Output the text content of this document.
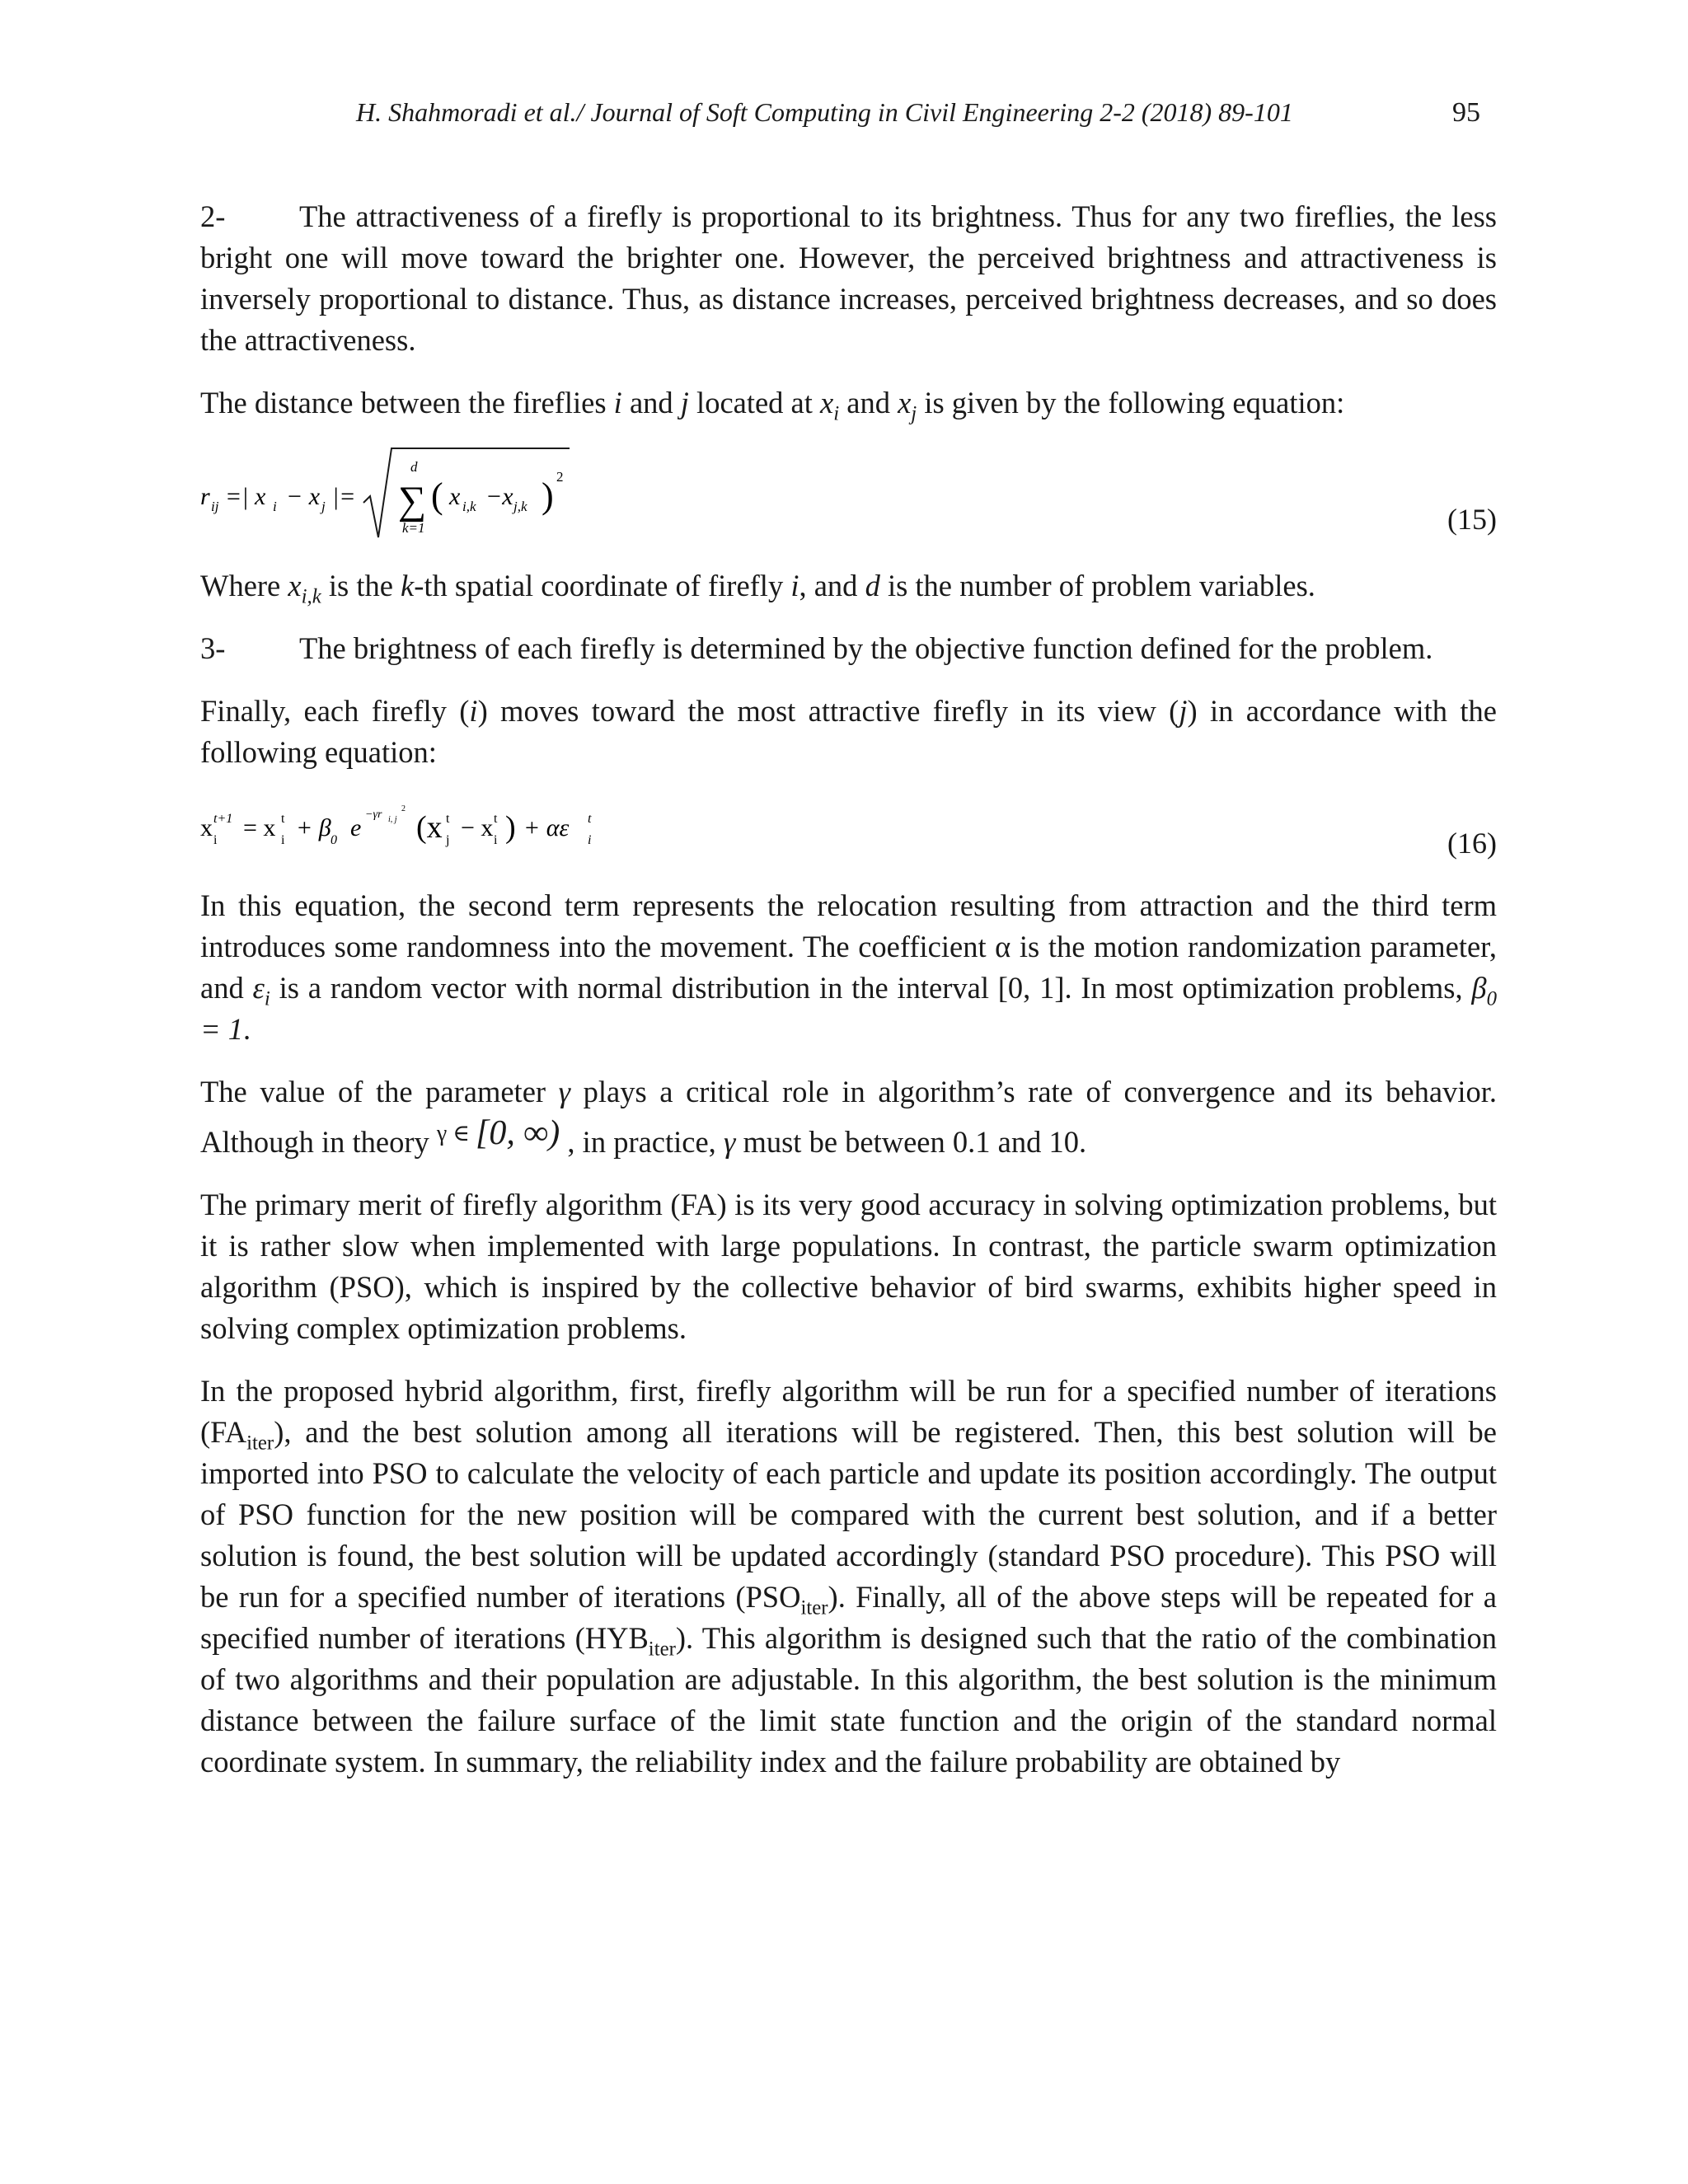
H. Shahmoradi et al./ Journal of Soft Computing in Civil Engineering 2-2 (2018) 89-101	95

2- The attractiveness of a firefly is proportional to its brightness. Thus for any two fireflies, the less bright one will move toward the brighter one. However, the perceived brightness and attractiveness is inversely proportional to distance. Thus, as distance increases, perceived brightness decreases, and so does the attractiveness.

The distance between the fireflies i and j located at $x_i$ and $x_j$ is given by the following equation:

r ij =| x i − x j |=
d
∑
k=1
( x i,k −x j,k ) 2
(15)

Where $x_{i,k}$ is the k-th spatial coordinate of firefly i, and d is the number of problem variables.

3- The brightness of each firefly is determined by the objective function defined for the problem.

Finally, each firefly (i) moves toward the most attractive firefly in its view (j) in accordance with the following equation:

x t+1
i = x t
i + β 0 e −γr i, j
2
(x t
j − x t
i ) + αε t
i	(16)

In this equation, the second term represents the relocation resulting from attraction and the third term introduces some randomness into the movement. The coefficient α is the motion randomization parameter, and $\varepsilon_i$ is a random vector with normal distribution in the interval [0, 1]. In most optimization problems, $\beta_0 = 1$.

The value of the parameter γ plays a critical role in algorithm’s rate of convergence and its behavior. Although in theory $^{\gamma \in}$ [0, ∞) , in practice, γ must be between 0.1 and 10.

The primary merit of firefly algorithm (FA) is its very good accuracy in solving optimization problems, but it is rather slow when implemented with large populations. In contrast, the particle swarm optimization algorithm (PSO), which is inspired by the collective behavior of bird swarms, exhibits higher speed in solving complex optimization problems.

In the proposed hybrid algorithm, first, firefly algorithm will be run for a specified number of iterations $(FA_{iter})$, and the best solution among all iterations will be registered. Then, this best solution will be imported into PSO to calculate the velocity of each particle and update its position accordingly. The output of PSO function for the new position will be compared with the current best solution, and if a better solution is found, the best solution will be updated accordingly (standard PSO procedure). This PSO will be run for a specified number of iterations $(PSO_{iter})$. Finally, all of the above steps will be repeated for a specified number of iterations $(HYB_{iter})$. This algorithm is designed such that the ratio of the combination of two algorithms and their population are adjustable. In this algorithm, the best solution is the minimum distance between the failure surface of the limit state function and the origin of the standard normal coordinate system. In summary, the reliability index and the failure probability are obtained by
